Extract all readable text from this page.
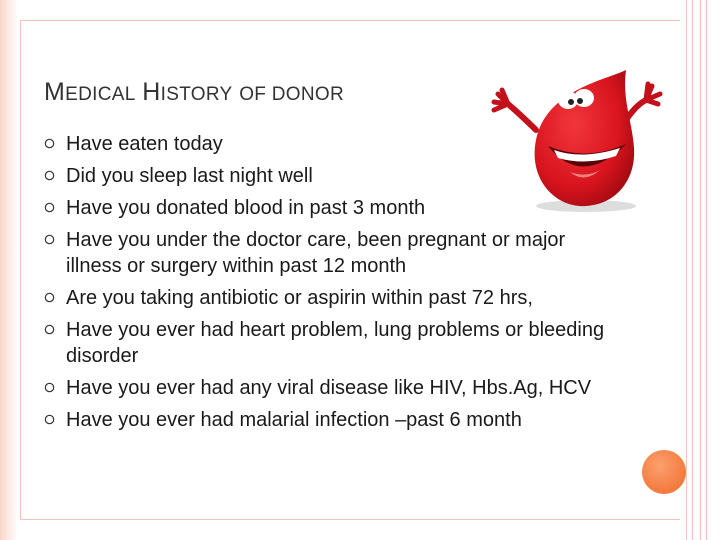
MEDICAL HISTORY OF DONOR
Have eaten today
Did you sleep last night well
Have you donated blood in past 3 month
Have you under the doctor care, been pregnant or major illness or surgery within past 12 month
Are you taking antibiotic or aspirin within past 72 hrs,
Have you ever had heart problem, lung problems or bleeding disorder
Have you ever had any viral disease like HIV, Hbs.Ag, HCV
Have you ever had malarial infection –past 6 month
